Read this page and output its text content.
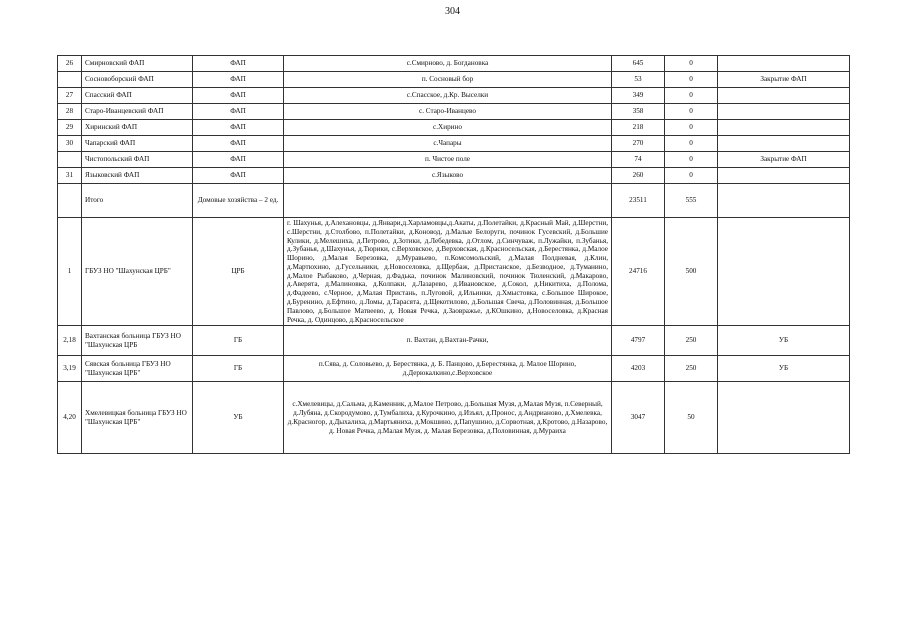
304
26	Смирновский ФАП	ФАП	с.Смирново, д. Богдановка	645	0	
	Сосновоборский ФАП	ФАП	п. Сосновый бор	53	0	Закрытие ФАП
27	Спасский ФАП	ФАП	с.Спасское, д.Кр. Выселки	349	0	
28	Старо-Иванцевский ФАП	ФАП	с. Старо-Иванцево	358	0	
29	Хиринский ФАП	ФАП	с.Хирино	218	0	
30	Чапарский ФАП	ФАП	с.Чапары	270	0	
	Чистопольский ФАП	ФАП	п. Чистое поле	74	0	Закрытие ФАП
31	Языковский ФАП	ФАП	с.Языково	260	0	
	Итого	Домовые хозяйства – 2 ед.		23511	555	
1	ГБУЗ НО "Шахунская ЦРБ"	ЦРБ	г. Шахунья, д.Алехановцы, д.Январи,д.Харламовцы,д.Акаты, д.Полетайки, д.Красный Май, д.Шерстни, с.Шерстни, д.Столбово, п.Полетайки, д.Коновод, д.Малые Белоруги, починок Гусевский, д.Большие Кулики, д.Мелешиха, д.Петрово, д.Зотики, д.Лебедевка, д.Отлом, д.Синчуваж, п.Лужайки, п.Зубанья, д.Зубанья, д.Шахунья, д.Тюрики, с.Верховское, д.Верховская, д.Красносельская, д.Берестянка, д.Малое Шорино, д.Малая Березовка, д.Муравьево, п.Комсомольский, д.Малая Полдневая, д.Клин, д.Мартюхино, д.Гусельники, д.Новоселовка, д.Щербаж, д.Пристанское, д.Безводное, д.Туманино, д.Малое Рыбаково, д.Черная, д.Фадька, починок Малиновский, починок Тюленский, д.Макарово, д.Аверята, д.Малиновка, д.Колпаки, д.Лазарево, д.Ивановское, д.Сокол, д.Никитиха, д.Полома, д.Фадеево, с.Черное, д.Малая Пристань, п.Луговой, д.Ильинки, д.Хмыстовка, с.Большое Широкое, д.Буренино, д.Ефтино, д.Ломы, д.Тарасята, д.Щекотилово, д.Большая Свеча, д.Половинная, д.Большое Павлово, д.Большое Матвеево, д. Новая Речка, д.Заовражье, д.КОшкино, д.Новоселовка, д.Красная Речка, д. Одинцово, д.Красносельское	24716	500	
2,18	Вахтанская больница ГБУЗ НО "Шахунская ЦРБ	ГБ	п. Вахтан, д.Вахтан-Рачки,	4797	250	УБ
3,19	Сявская больница ГБУЗ НО "Шахунская ЦРБ"	ГБ	п.Сява, д. Соловьево, д. Берестянка, д. Б. Панцово, д.Берестянка, д. Малое Шорино, д.Дерюкалкино,с.Верховское	4203	250	УБ
4,20	Хмелевицкая больница ГБУЗ НО "Шахунская ЦРБ"	УБ	с.Хмелевицы, д.Сальма, д.Каменник, д.Малое Петрово, д.Большая Музя, д.Малая Музя, п.Северный, д.Лубяна, д.Скородумово, д.Тумбалиха, д.Курочкино, д.Изъял, д.Пронос, д.Андрианово, д.Хмелевка, д.Красногор, д.Дыхалиха, д.Мартьяниха, д.Мокшино, д.Папушино, д.Сорвотная, д.Кротово, д.Назарово, д. Новая Речка, д.Малая Музя, д. Малая Березовка, д.Половинная, д.Мураиха	3047	50	
